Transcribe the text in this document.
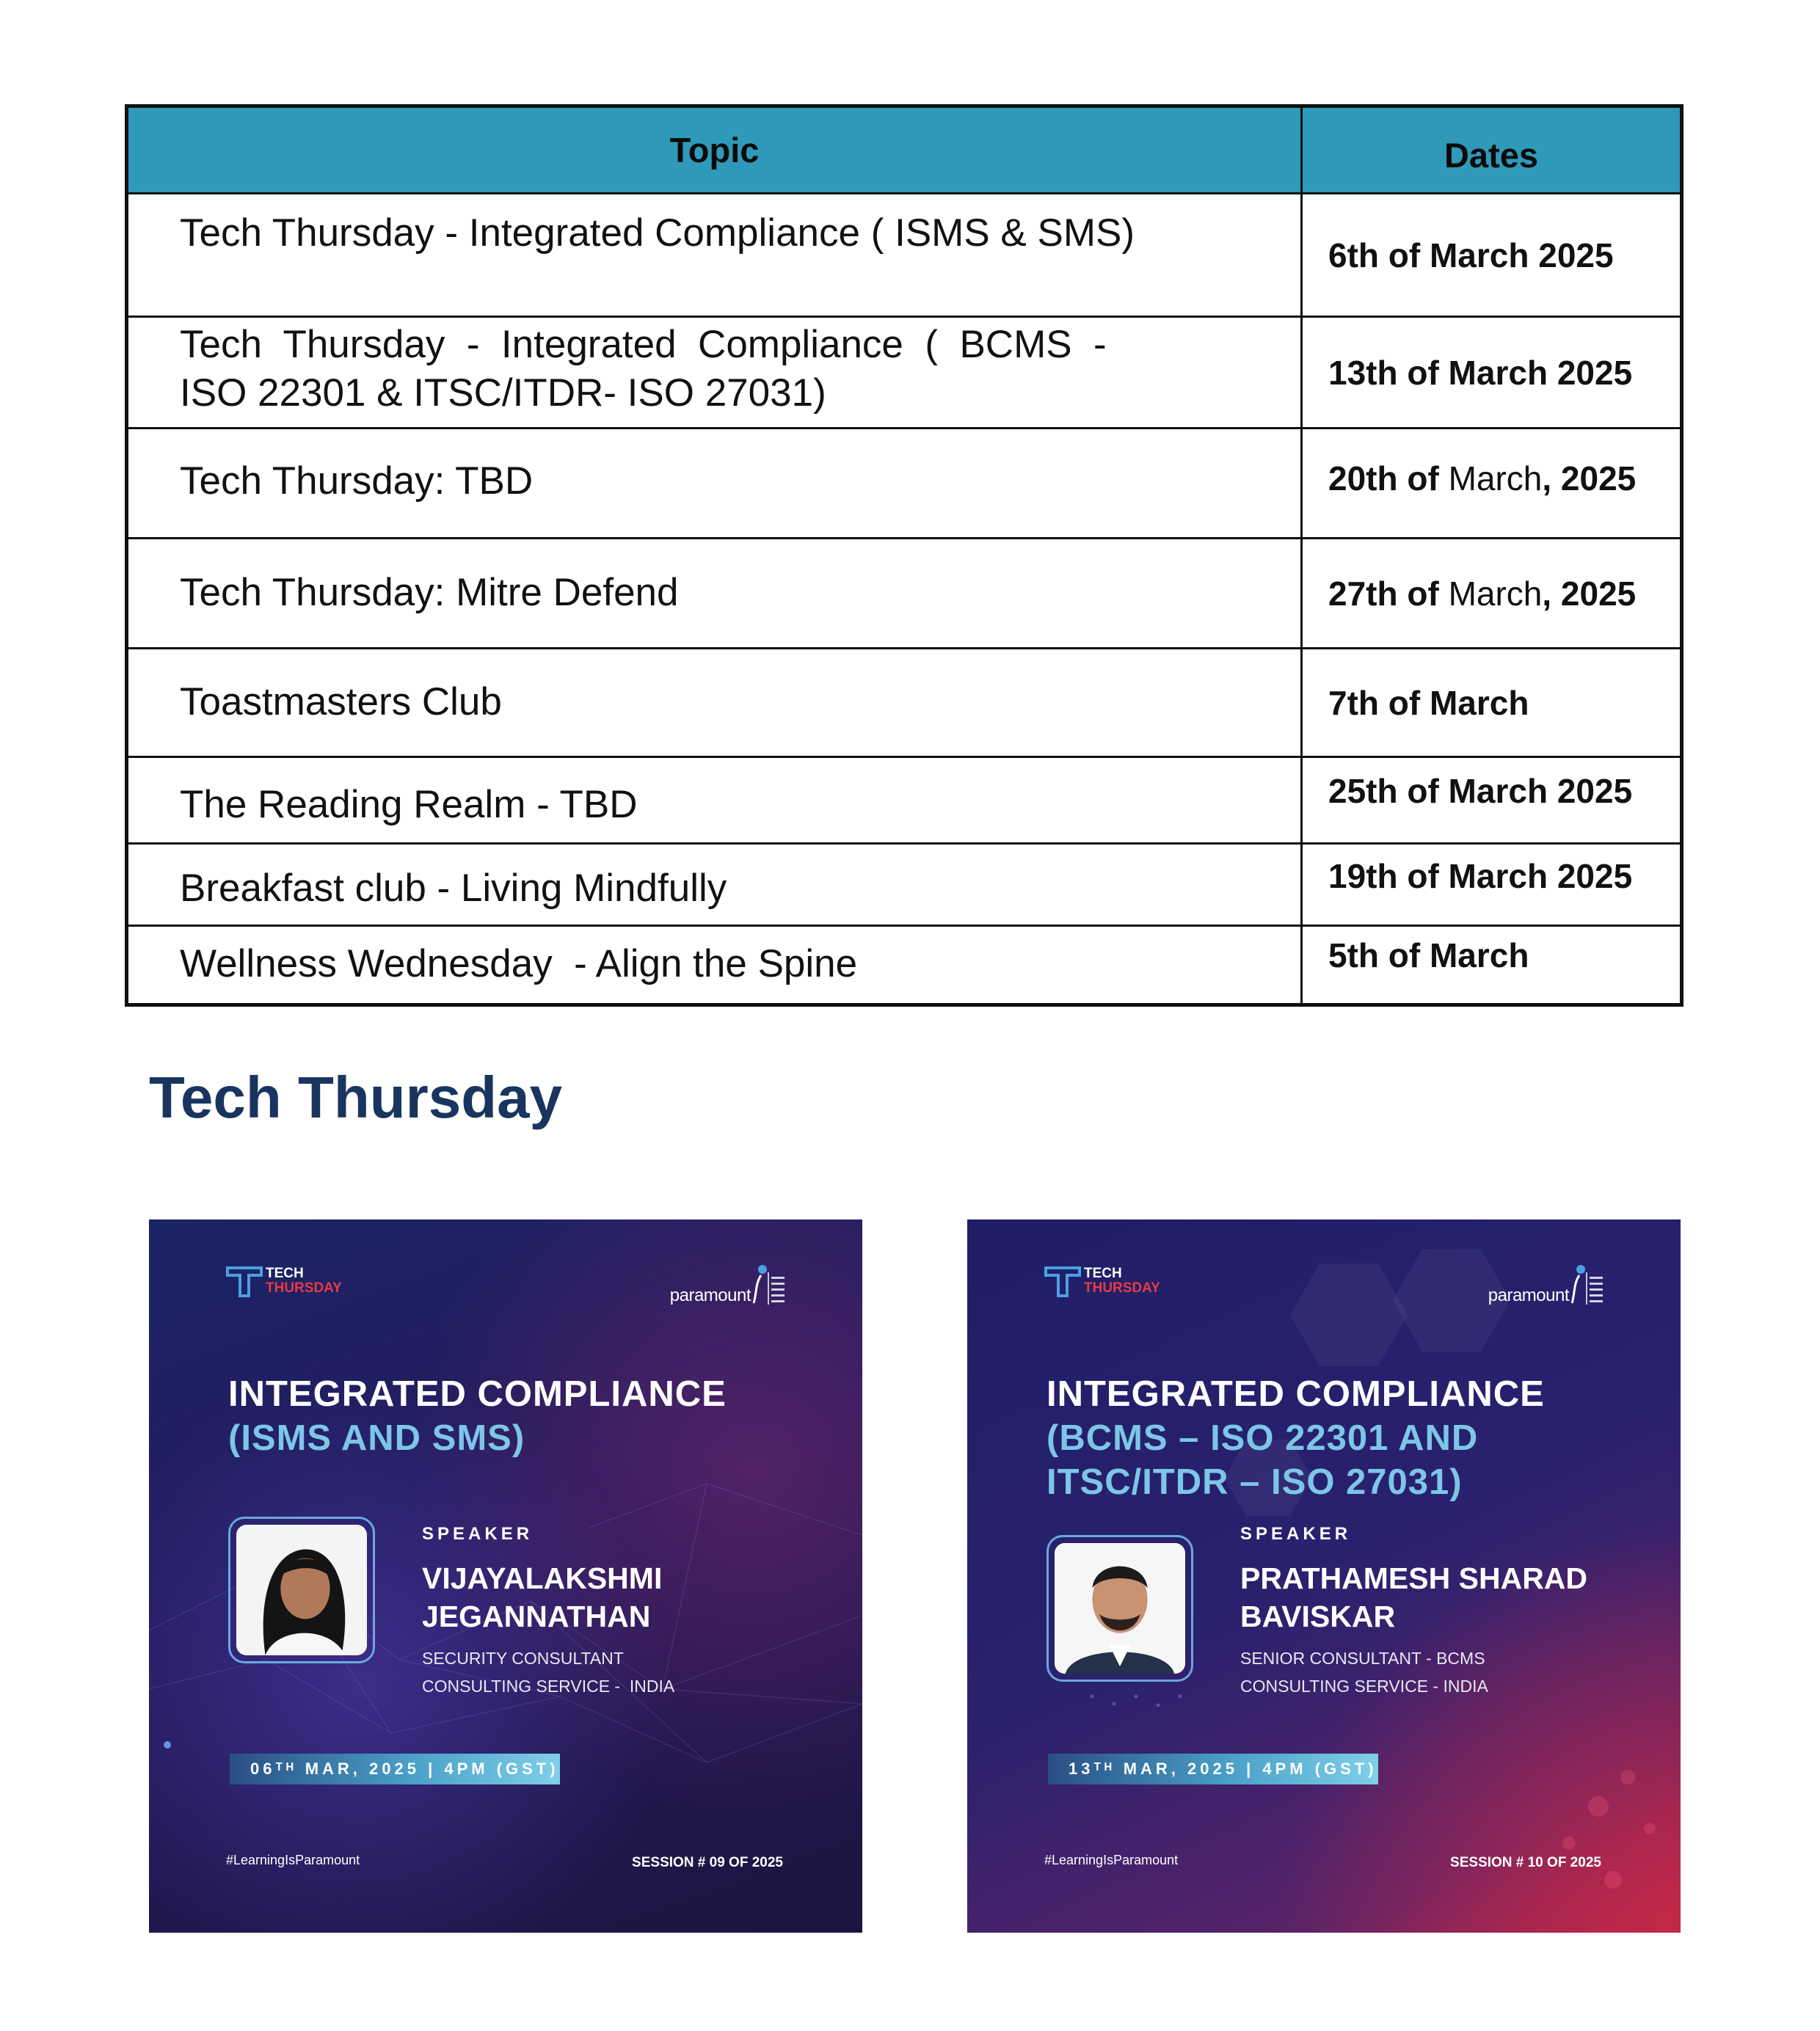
Topic	Dates
Tech Thursday - Integrated Compliance ( ISMS & SMS)	6th of March 2025

Tech  Thursday  -  Integrated  Compliance  (  BCMS  -
ISO 22301 & ITSC/ITDR- ISO 27031)	13th of March 2025
Tech Thursday: TBD	20th of March, 2025
Tech Thursday: Mitre Defend	27th of March, 2025
Toastmasters Club	7th of March
The Reading Realm - TBD	25th of March 2025
Breakfast club - Living Mindfully	19th of March 2025
Wellness Wednesday  - Align the Spine	5th of March
Tech Thursday
TECH
THURSDAY	paramount
INTEGRATED COMPLIANCE
(ISMS AND SMS)
SPEAKER
VIJAYALAKSHMI
JEGANNATHAN
SECURITY CONSULTANT
CONSULTING SERVICE -  INDIA
06ᵀᴴ MAR, 2025 | 4PM (GST)
#LearningIsParamount	SESSION # 09 OF 2025
TECH
THURSDAY	paramount
INTEGRATED COMPLIANCE
(BCMS – ISO 22301 AND
ITSC/ITDR – ISO 27031)
SPEAKER
PRATHAMESH SHARAD
BAVISKAR
SENIOR CONSULTANT - BCMS
CONSULTING SERVICE - INDIA
13ᵀᴴ MAR, 2025 | 4PM (GST)
#LearningIsParamount	SESSION # 10 OF 2025
